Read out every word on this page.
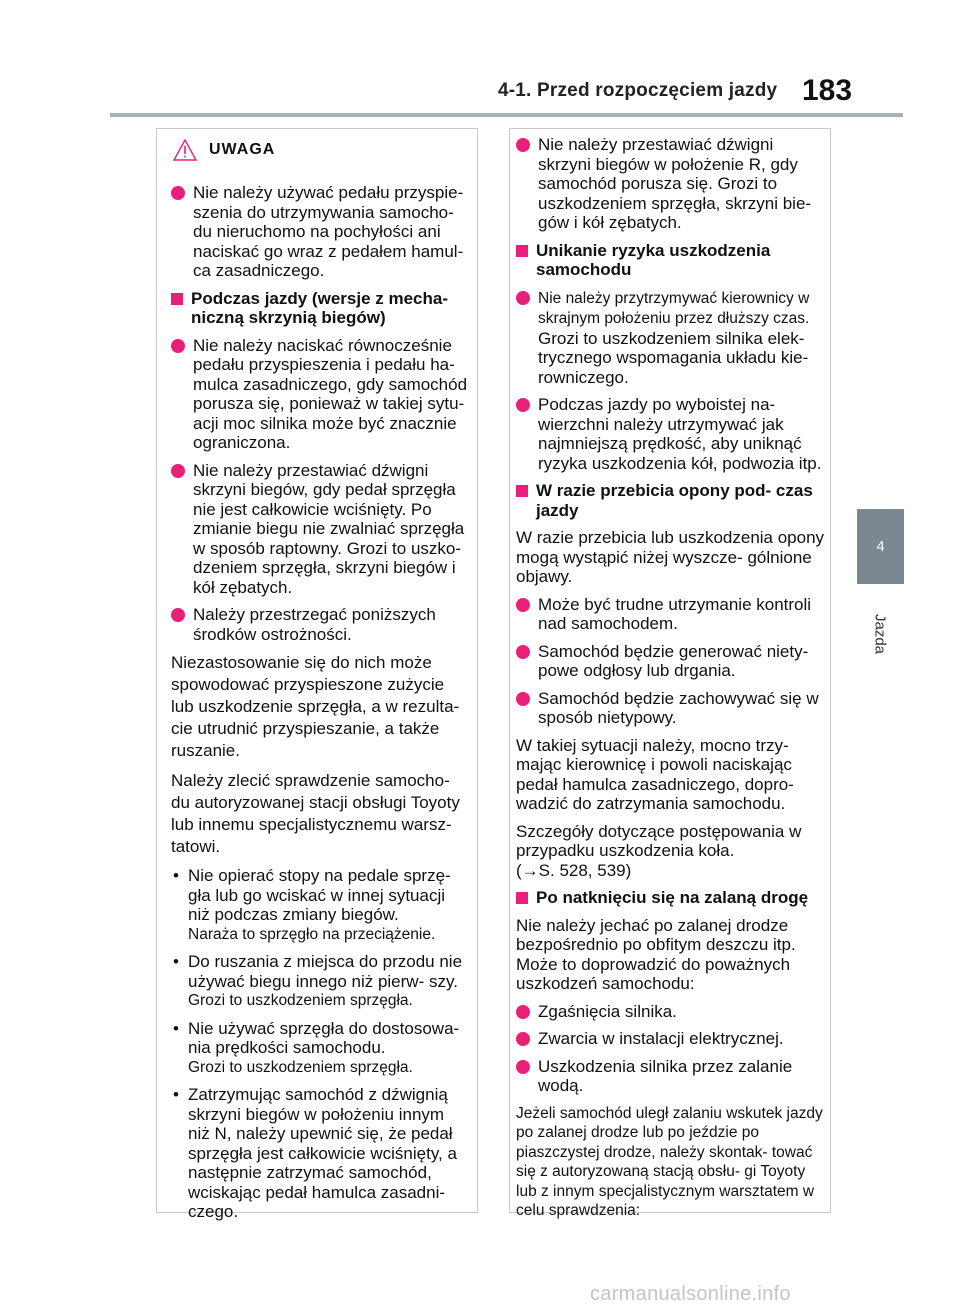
4-1. Przed rozpoczęciem jazdy 183
4
Jazda
UWAGA
Nie należy używać pedału przyspie- szenia do utrzymywania samocho- du nieruchomo na pochyłości ani naciskać go wraz z pedałem hamul- ca zasadniczego.
Podczas jazdy (wersje z mecha- niczną skrzynią biegów)
Nie należy naciskać równocześnie pedału przyspieszenia i pedału ha- mulca zasadniczego, gdy samochód porusza się, ponieważ w takiej sytu- acji moc silnika może być znacznie ograniczona.
Nie należy przestawiać dźwigni skrzyni biegów, gdy pedał sprzęgła nie jest całkowicie wciśnięty. Po zmianie biegu nie zwalniać sprzęgła w sposób raptowny. Grozi to uszko- dzeniem sprzęgła, skrzyni biegów i kół zębatych.
Należy przestrzegać poniższych środków ostrożności.
Niezastosowanie się do nich może spowodować przyspieszone zużycie lub uszkodzenie sprzęgła, a w rezulta- cie utrudnić przyspieszanie, a także ruszanie.
Należy zlecić sprawdzenie samocho- du autoryzowanej stacji obsługi Toyoty lub innemu specjalistycznemu warsz- tatowi.
• Nie opierać stopy na pedale sprzę- gła lub go wciskać w innej sytuacji niż podczas zmiany biegów.
Naraża to sprzęgło na przeciążenie.
• Do ruszania z miejsca do przodu nie używać biegu innego niż pierw- szy.
Grozi to uszkodzeniem sprzęgła.
• Nie używać sprzęgła do dostosowa- nia prędkości samochodu.
Grozi to uszkodzeniem sprzęgła.
• Zatrzymując samochód z dźwignią skrzyni biegów w położeniu innym niż N, należy upewnić się, że pedał sprzęgła jest całkowicie wciśnięty, a następnie zatrzymać samochód, wciskając pedał hamulca zasadni- czego.
Nie należy przestawiać dźwigni skrzyni biegów w położenie R, gdy samochód porusza się. Grozi to uszkodzeniem sprzęgła, skrzyni bie- gów i kół zębatych.
Unikanie ryzyka uszkodzenia samochodu
Nie należy przytrzymywać kierownicy w skrajnym położeniu przez dłuższy czas.
Grozi to uszkodzeniem silnika elek- trycznego wspomagania układu kie- rowniczego.
Podczas jazdy po wyboistej na- wierzchni należy utrzymywać jak najmniejszą prędkość, aby uniknąć ryzyka uszkodzenia kół, podwozia itp.
W razie przebicia opony pod- czas jazdy
W razie przebicia lub uszkodzenia opony mogą wystąpić niżej wyszcze- gólnione objawy.
Może być trudne utrzymanie kontroli nad samochodem.
Samochód będzie generować niety- powe odgłosy lub drgania.
Samochód będzie zachowywać się w sposób nietypowy.
W takiej sytuacji należy, mocno trzy- mając kierownicę i powoli naciskając pedał hamulca zasadniczego, dopro- wadzić do zatrzymania samochodu.
Szczegóły dotyczące postępowania w przypadku uszkodzenia koła.
(→S. 528, 539)
Po natknięciu się na zalaną drogę
Nie należy jechać po zalanej drodze bezpośrednio po obfitym deszczu itp. Może to doprowadzić do poważnych uszkodzeń samochodu:
Zgaśnięcia silnika.
Zwarcia w instalacji elektrycznej.
Uszkodzenia silnika przez zalanie wodą.
Jeżeli samochód uległ zalaniu wskutek jazdy po zalanej drodze lub po jeździe po piaszczystej drodze, należy skontak- tować się z autoryzowaną stacją obsłu- gi Toyoty lub z innym specjalistycznym warsztatem w celu sprawdzenia:
carmanualsonline.info
